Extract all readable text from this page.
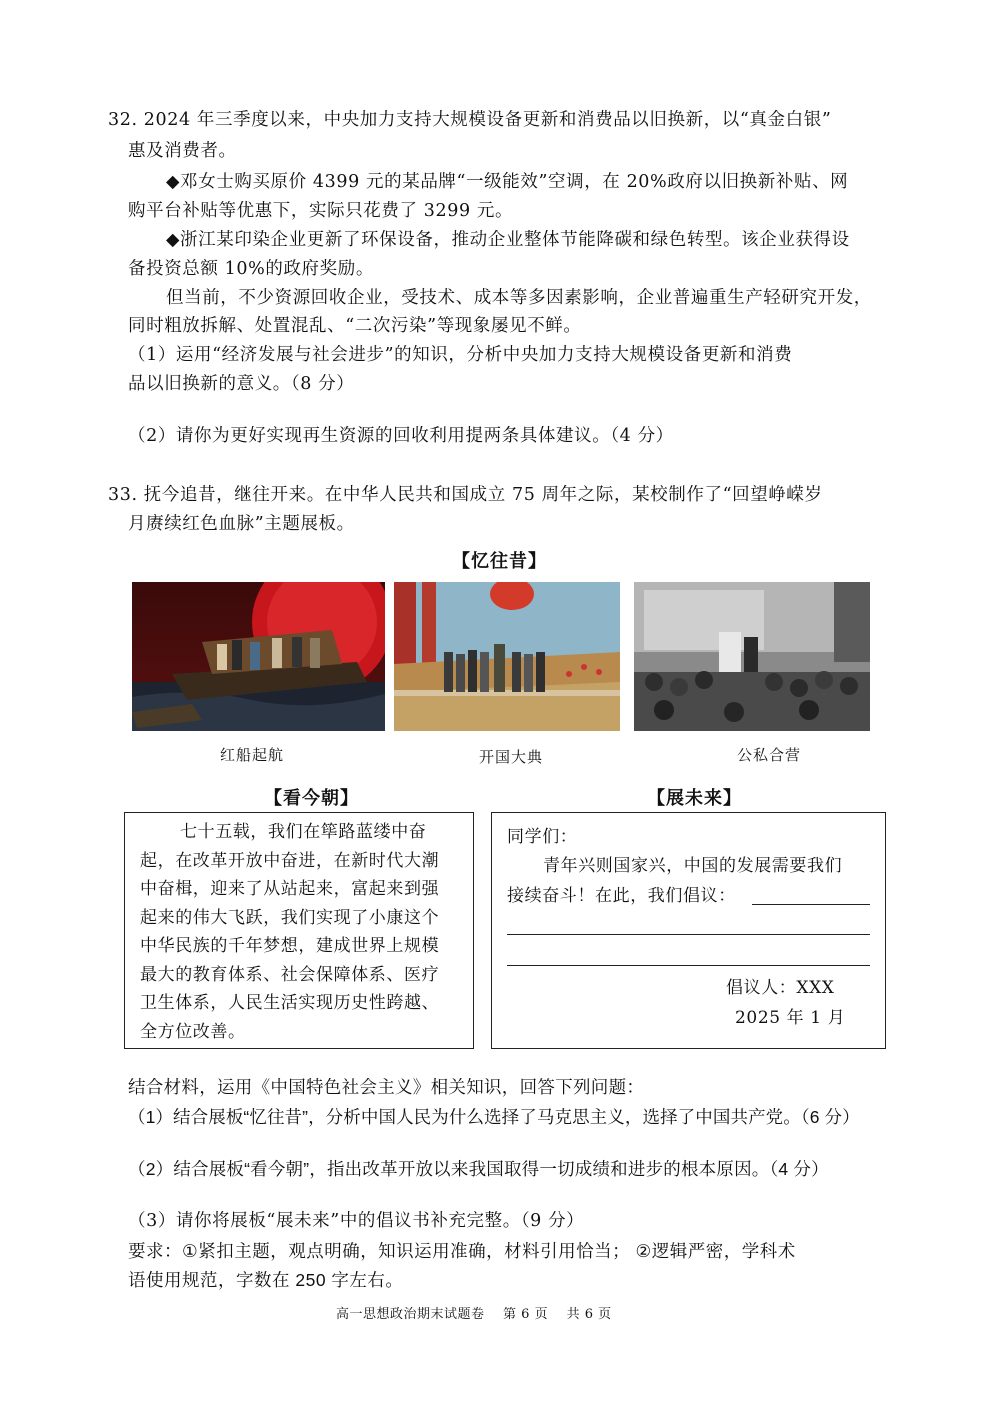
32. 2024 年三季度以来，中央加力支持大规模设备更新和消费品以旧换新，以“真金白银”
惠及消费者。
◆邓女士购买原价 4399 元的某品牌“一级能效”空调，在 20%政府以旧换新补贴、网
购平台补贴等优惠下，实际只花费了 3299 元。
◆浙江某印染企业更新了环保设备，推动企业整体节能降碳和绿色转型。该企业获得设
备投资总额 10%的政府奖励。
但当前，不少资源回收企业，受技术、成本等多因素影响，企业普遍重生产轻研究开发，
同时粗放拆解、处置混乱、“二次污染”等现象屡见不鲜。
（1）运用“经济发展与社会进步”的知识，分析中央加力支持大规模设备更新和消费
品以旧换新的意义。（8 分）
（2）请你为更好实现再生资源的回收利用提两条具体建议。（4 分）
33. 抚今追昔，继往开来。在中华人民共和国成立 75 周年之际，某校制作了“回望峥嵘岁
月赓续红色血脉”主题展板。
【忆往昔】
红船起航	开国大典	公私合营
【看今朝】	【展未来】
七十五载，我们在筚路蓝缕中奋
起，在改革开放中奋进，在新时代大潮
中奋楫，迎来了从站起来，富起来到强
起来的伟大飞跃，我们实现了小康这个
中华民族的千年梦想，建成世界上规模
最大的教育体系、社会保障体系、医疗
卫生体系，人民生活实现历史性跨越、
全方位改善。
同学们：
青年兴则国家兴，中国的发展需要我们
接续奋斗！在此，我们倡议：
倡议人：XXX
2025 年 1 月
结合材料，运用《中国特色社会主义》相关知识，回答下列问题：
（1）结合展板“忆往昔”，分析中国人民为什么选择了马克思主义，选择了中国共产党。（6 分）
（2）结合展板“看今朝”，指出改革开放以来我国取得一切成绩和进步的根本原因。（4 分）
（3）请你将展板“展未来”中的倡议书补充完整。（9 分）
要求：①紧扣主题，观点明确，知识运用准确，材料引用恰当； ②逻辑严密，学科术
语使用规范，字数在 250 字左右。
高一思想政治期末试题卷    第 6 页    共 6 页
